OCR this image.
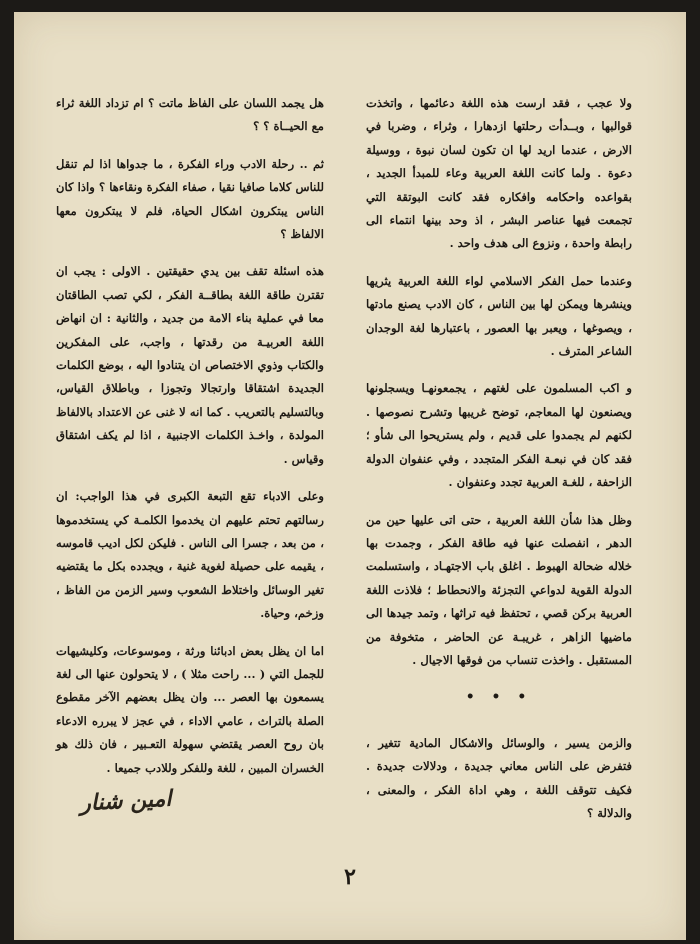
ولا عجب ، فقد ارست هذه اللغة دعائمها ، واتخذت قوالبها ، وبــدأت رحلتها ازدهارا ، وثراء ، وضربا في الارض ، عندما اريد لها ان تكون لسان نبوة ، ووسيلة دعوة . ولما كانت اللغة العربية وعاء للمبدأ الجديد ، بقواعده واحكامه وافكاره فقد كانت البوتقة التي تجمعت فيها عناصر البشر ، اذ وحد بينها انتماء الى رابطة واحدة ، ونزوع الى هدف واحد .

وعندما حمل الفكر الاسلامي لواء اللغة العربية يثريها وينشرها ويمكن لها بين الناس ، كان الادب يصنع مادتها ، ويصوغها ، ويعبر بها العصور ، باعتبارها لغة الوجدان الشاعر المترف .

و اكب المسلمون على لغتهم ، يجمعونهـا ويسجلونها ويصنعون لها المعاجم، توضح غريبها وتشرح نصوصها . لكنهم لم يجمدوا على قديم ، ولم يستريحوا الى شأو ؛ فقد كان في نبعـة الفكر المتجدد ، وفي عنفوان الدولة الزاحفة ، للغـة العربية تجدد وعنفوان .

وظل هذا شأن اللغة العربية ، حتى اتى عليها حين من الدهر ، انفصلت عنها فيه طاقة الفكر ، وجمدت بها خلاله ضحالة الهبوط . اغلق باب الاجتهـاد ، واستسلمت الدولة القوية لدواعي التجزئة والانحطاط ؛ فلاذت اللغة العربية بركن قصي ، تحتفظ فيه تراثها ، وتمد جيدها الى ماضيها الزاهر ، غريبـة عن الحاضر ، متخوفة من المستقبل . واخذت تنساب من فوقها الاجيال .

• • •

والزمن يسير ، والوسائل والاشكال المادية تتغير ، فتفرض على الناس معاني جديدة ، ودلالات جديدة . فكيف تتوقف اللغة ، وهي اداة الفكر ، والمعنى ، والدلالة ؟

هل يجمد اللسان على الفاظ ماتت ؟ ام تزداد اللغة ثراء مع الحيــاة ؟ ؟

ثم .. رحلة الادب وراء الفكرة ، ما جدواها اذا لم تنقل للناس كلاما صافيا نقيا ، صفاء الفكرة ونقاءها ؟ واذا كان الناس يبتكرون اشكال الحياة، فلم لا يبتكرون معها الالفاظ ؟

هذه اسئلة تقف بين يدي حقيقتين . الاولى : يجب ان تقترن طاقة اللغة بطاقــة الفكر ، لكي تصب الطاقتان معا في عملية بناء الامة من جديد ، والثانية : ان انهاض اللغة العربيـة من رقدتها ، واجب، على المفكرين والكتاب وذوي الاختصاص ان يتنادوا اليه ، بوضع الكلمات الجديدة اشتقاقا وارتجالا وتجوزا ، وباطلاق القياس، وبالتسليم بالتعريب . كما انه لا غنى عن الاعتداد بالالفاظ المولدة ، واخـذ الكلمات الاجنبية ، اذا لم يكف اشتقاق وقياس .

وعلى الادباء تقع التبعة الكبرى في هذا الواجب: ان رسالتهم تحتم عليهم ان يخدموا الكلمـة كي يستخدموها ، من بعد ، جسرا الى الناس . فليكن لكل اديب قاموسه ، يقيمه على حصيلة لغوية غنية ، ويجدده بكل ما يقتضيه تغير الوسائل واختلاط الشعوب وسير الزمن من الفاظ ، وزخم، وحياة.

اما ان يظل بعض ادبائنا ورثة ، وموسوعات، وكليشيهات للجمل التي ( ... راحت مثلا ) ، لا يتحولون عنها الى لغة يسمعون بها العصر ... وان يظل بعضهم الآخر مقطوع الصلة بالتراث ، عامي الاداء ، في عجز لا يبرره الادعاء بان روح العصر يقتضي سهولة التعـبير ، فان ذلك هو الخسران المبين ، للغة وللفكر وللادب جميعا .

امين شنار
٢
